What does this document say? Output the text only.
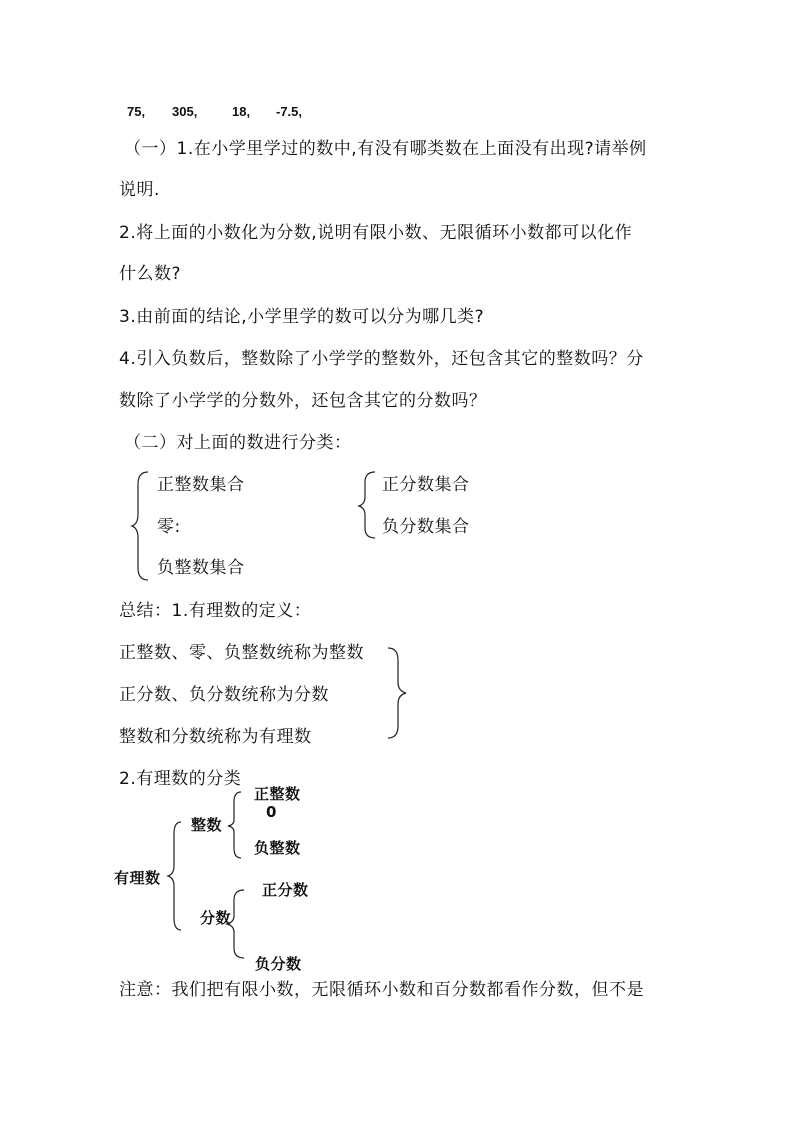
75, 305,	18, -7.5,
（一）1.在小学里学过的数中,有没有哪类数在上面没有出现?请举例
说明.
2.将上面的小数化为分数,说明有限小数、无限循环小数都可以化作
什么数?
3.由前面的结论,小学里学的数可以分为哪几类?
4.引入负数后，整数除了小学学的整数外，还包含其它的整数吗？分
数除了小学学的分数外，还包含其它的分数吗？
（二）对上面的数进行分类：
正整数集合
零:
负整数集合
正分数集合
负分数集合
总结：1.有理数的定义：
正整数、零、负整数统称为整数
正分数、负分数统称为分数
整数和分数统称为有理数
2.有理数的分类
有理数
整数
正整数
0
负整数
分数
正分数
负分数
注意：我们把有限小数，无限循环小数和百分数都看作分数，但不是
